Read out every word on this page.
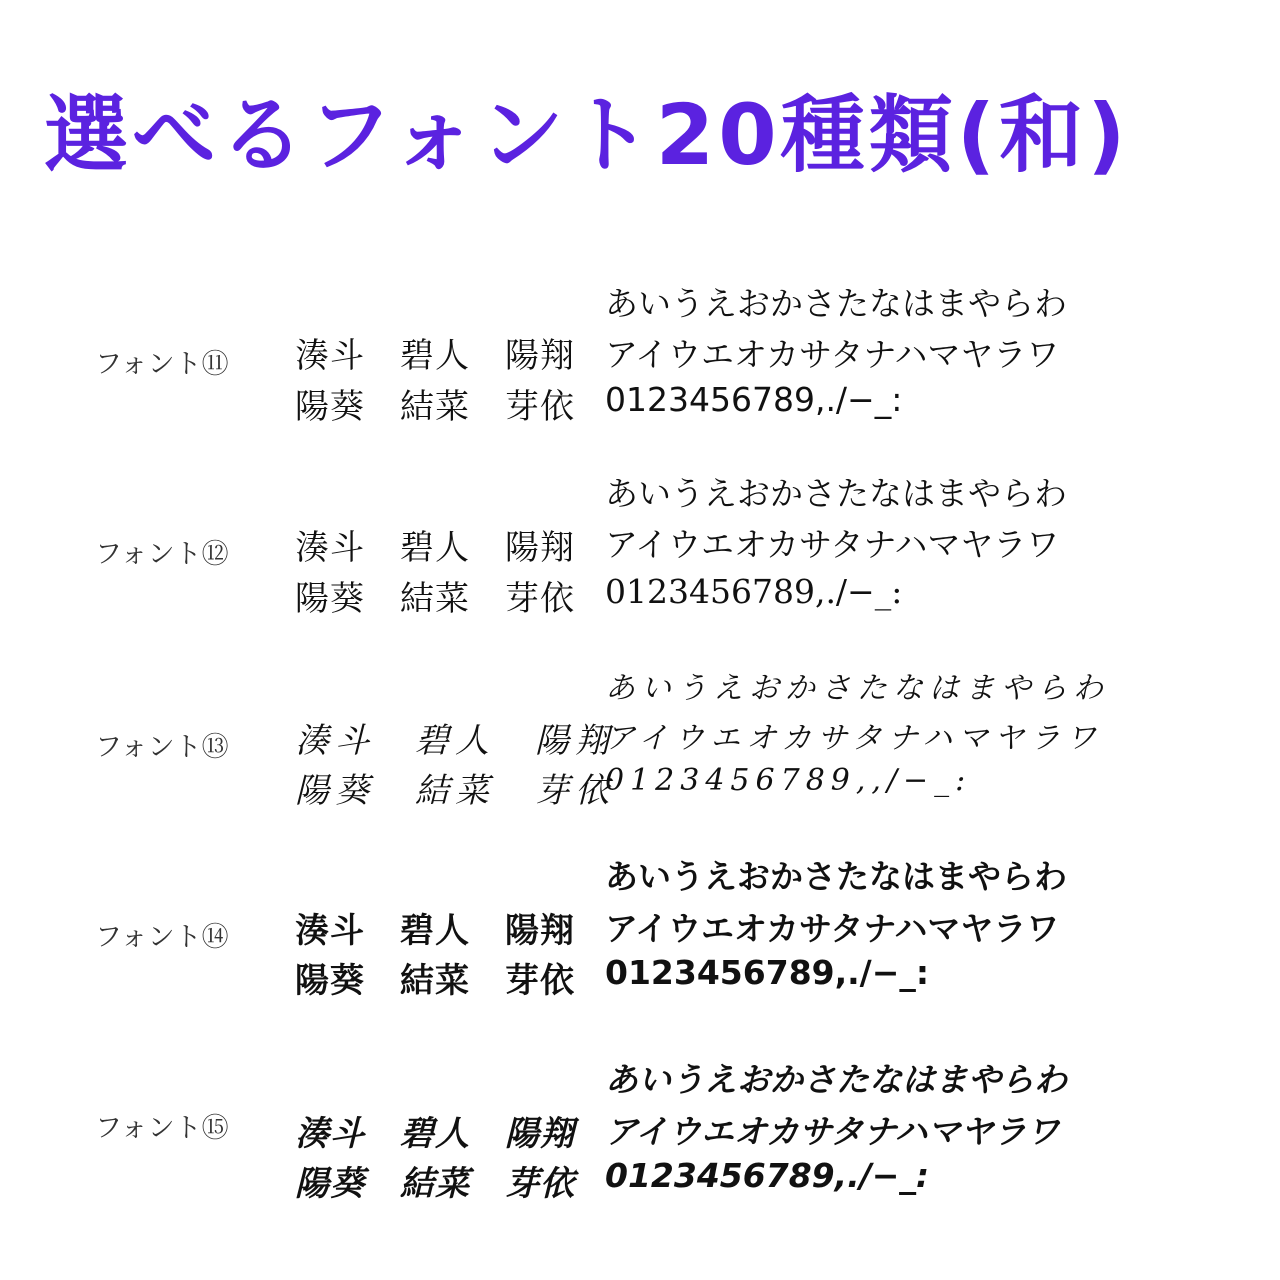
選べるフォント20種類(和)
フォント⑪ 湊斗　碧人　陽翔
陽葵　結菜　芽依
あいうえおかさたなはまやらわ
アイウエオカサタナハマヤラワ
0123456789,./−_:
フォント⑫ 湊斗　碧人　陽翔
陽葵　結菜　芽依
あいうえおかさたなはまやらわ
アイウエオカサタナハマヤラワ
0123456789,./−_:
フォント⑬ 湊斗　碧人　陽翔
陽葵　結菜　芽依
あいうえおかさたなはまやらわ
アイウエオカサタナハマヤラワ
0123456789,,/−_:
フォント⑭ 湊斗　碧人　陽翔
陽葵　結菜　芽依
あいうえおかさたなはまやらわ
アイウエオカサタナハマヤラワ
0123456789,./−_:
フォント⑮ 湊斗　碧人　陽翔
陽葵　結菜　芽依
あいうえおかさたなはまやらわ
アイウエオカサタナハマヤラワ
0123456789,./−_:
